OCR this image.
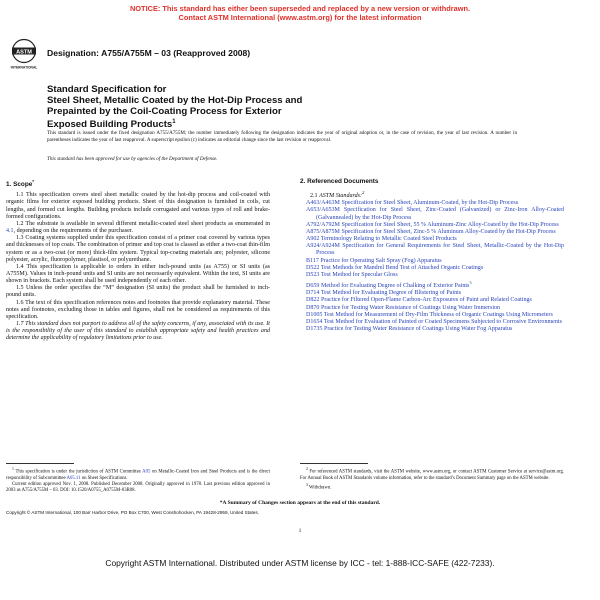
NOTICE: This standard has either been superseded and replaced by a new version or withdrawn.
Contact ASTM International (www.astm.org) for the latest information
ASTM
INTERNATIONAL
Designation: A755/A755M – 03 (Reapproved 2008)
Standard Specification for
Steel Sheet, Metallic Coated by the Hot-Dip Process and
Prepainted by the Coil-Coating Process for Exterior
Exposed Building Products$^1$
This standard is issued under the fixed designation A755/A755M; the number immediately following the designation indicates the year of original adoption or, in the case of revision, the year of last revision. A number in parentheses indicates the year of last reapproval. A superscript epsilon (ε) indicates an editorial change since the last revision or reapproval.
This standard has been approved for use by agencies of the Department of Defense.
1. Scope*

1.1 This specification covers steel sheet metallic coated by the hot-dip process and coil-coated with organic films for exterior exposed building products. Sheet of this designation is furnished in coils, cut lengths, and formed cut lengths. Building products include corrugated and various types of roll and brake-formed configurations.

1.2 The substrate is available in several different metallic-coated steel sheet products as enumerated in 4.1, depending on the requirements of the purchaser.

1.3 Coating systems supplied under this specification consist of a primer coat covered by various types and thicknesses of top coats. The combination of primer and top coat is classed as either a two-coat thin-film system or as a two-coat (or more) thick-film system. Typical top-coating materials are; polyester, silicone polyester, acrylic, fluoropolymer, plastisol, or polyurethane.

1.4 This specification is applicable to orders in either inch-pound units (as A755) or SI units (as A755M). Values in inch-pound units and SI units are not necessarily equivalent. Within the text, SI units are shown in brackets. Each system shall be used independently of each other.

1.5 Unless the order specifies the “M” designation (SI units) the product shall be furnished to inch-pound units.

1.6 The text of this specification references notes and footnotes that provide explanatory material. These notes and footnotes, excluding those in tables and figures, shall not be considered as requirements of this specification.

1.7 This standard does not purport to address all of the safety concerns, if any, associated with its use. It is the responsibility of the user of this standard to establish appropriate safety and health practices and determine the applicability of regulatory limitations prior to use.

2. Referenced Documents

2.1 ASTM Standards:$^2$

A463/A463M Specification for Steel Sheet, Aluminum-Coated, by the Hot-Dip Process

A653/A653M Specification for Steel Sheet, Zinc-Coated (Galvanized) or Zinc-Iron Alloy-Coated (Galvannealed) by the Hot-Dip Process

A792/A792M Specification for Steel Sheet, 55 % Aluminum-Zinc Alloy-Coated by the Hot-Dip Process

A875/A875M Specification for Steel Sheet, Zinc-5 % Aluminum Alloy-Coated by the Hot-Dip Process

A902 Terminology Relating to Metallic Coated Steel Products

A924/A924M Specification for General Requirements for Steel Sheet, Metallic-Coated by the Hot-Dip Process

B117 Practice for Operating Salt Spray (Fog) Apparatus

D522 Test Methods for Mandrel Bend Test of Attached Organic Coatings

D523 Test Method for Specular Gloss

D659 Method for Evaluating Degree of Chalking of Exterior Paints$^3$

D714 Test Method for Evaluating Degree of Blistering of Paints

D822 Practice for Filtered Open-Flame Carbon-Arc Exposures of Paint and Related Coatings

D870 Practice for Testing Water Resistance of Coatings Using Water Immersion

D1005 Test Method for Measurement of Dry-Film Thickness of Organic Coatings Using Micrometers

D1654 Test Method for Evaluation of Painted or Coated Specimens Subjected to Corrosive Environments

D1735 Practice for Testing Water Resistance of Coatings Using Water Fog Apparatus

$^1$ This specification is under the jurisdiction of ASTM Committee A05 on Metallic-Coated Iron and Steel Products and is the direct responsibility of Subcommittee A05.11 on Sheet Specifications.

Current edition approved Nov. 1, 2008. Published December 2008. Originally approved in 1978. Last previous edition approved in 2003 as A755/A755M – 03. DOI: 10.1520/A0755_A0755M-03R08.

$^2$ For referenced ASTM standards, visit the ASTM website, www.astm.org, or contact ASTM Customer Service at service@astm.org. For Annual Book of ASTM Standards volume information, refer to the standard’s Document Summary page on the ASTM website.

$^3$ Withdrawn.

*A Summary of Changes section appears at the end of this standard.
Copyright © ASTM International, 100 Barr Harbor Drive, PO Box C700, West Conshohocken, PA 19428-2959, United States.
1
Copyright ASTM International. Distributed under ASTM license by ICC - tel: 1-888-ICC-SAFE (422-7233).
